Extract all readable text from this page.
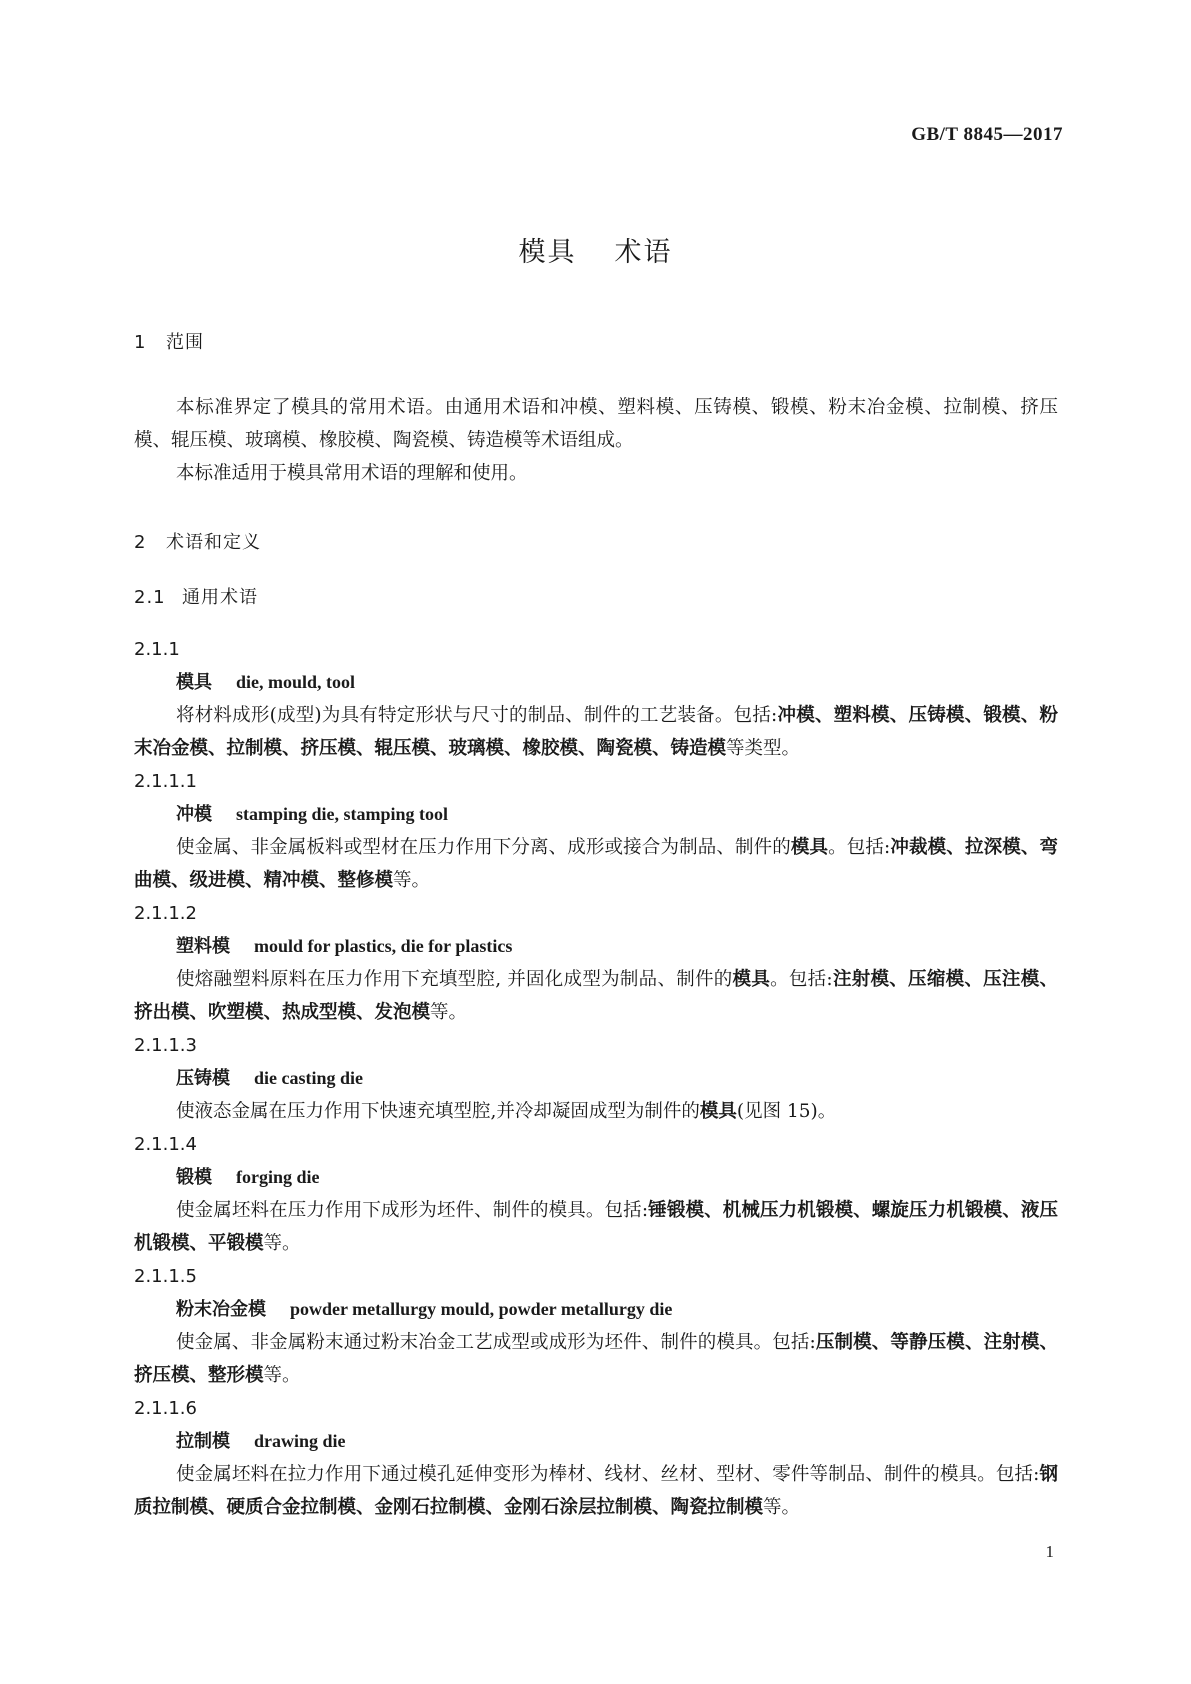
GB/T 8845—2017
模具 术语
1 范围

本标准界定了模具的常用术语。由通用术语和冲模、塑料模、压铸模、锻模、粉末冶金模、拉制模、挤压模、辊压模、玻璃模、橡胶模、陶瓷模、铸造模等术语组成。

本标准适用于模具常用术语的理解和使用。

2 术语和定义
2.1 通用术语
2.1.1
模具 die, mould, tool

将材料成形(成型)为具有特定形状与尺寸的制品、制件的工艺装备。包括:冲模、塑料模、压铸模、锻模、粉末冶金模、拉制模、挤压模、辊压模、玻璃模、橡胶模、陶瓷模、铸造模等类型。

2.1.1.1
冲模 stamping die, stamping tool

使金属、非金属板料或型材在压力作用下分离、成形或接合为制品、制件的模具。包括:冲裁模、拉深模、弯曲模、级进模、精冲模、整修模等。

2.1.1.2
塑料模 mould for plastics, die for plastics

使熔融塑料原料在压力作用下充填型腔, 并固化成型为制品、制件的模具。包括:注射模、压缩模、压注模、挤出模、吹塑模、热成型模、发泡模等。

2.1.1.3
压铸模 die casting die

使液态金属在压力作用下快速充填型腔,并冷却凝固成型为制件的模具(见图 15)。

2.1.1.4
锻模 forging die

使金属坯料在压力作用下成形为坯件、制件的模具。包括:锤锻模、机械压力机锻模、螺旋压力机锻模、液压机锻模、平锻模等。

2.1.1.5
粉末冶金模 powder metallurgy mould, powder metallurgy die

使金属、非金属粉末通过粉末冶金工艺成型或成形为坯件、制件的模具。包括:压制模、等静压模、注射模、挤压模、整形模等。

2.1.1.6
拉制模 drawing die

使金属坯料在拉力作用下通过模孔延伸变形为棒材、线材、丝材、型材、零件等制品、制件的模具。包括:钢质拉制模、硬质合金拉制模、金刚石拉制模、金刚石涂层拉制模、陶瓷拉制模等。

1
